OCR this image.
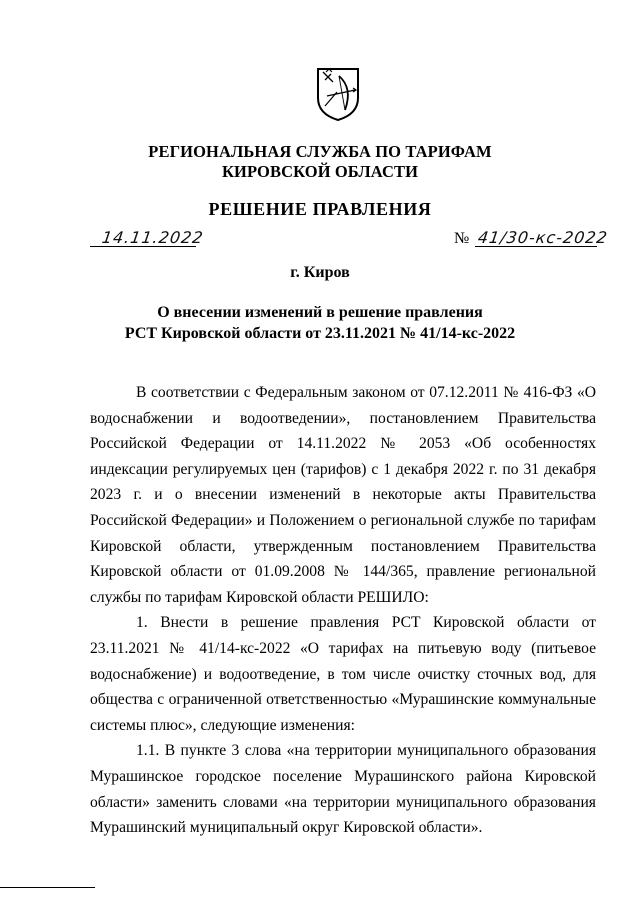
РЕГИОНАЛЬНАЯ СЛУЖБА ПО ТАРИФАМ
КИРОВСКОЙ ОБЛАСТИ
РЕШЕНИЕ ПРАВЛЕНИЯ
14.11.2022	№ 41/30-кс-2022
г. Киров
О внесении изменений в решение правления
РСТ Кировской области от 23.11.2021 № 41/14-кс-2022

В соответствии с Федеральным законом от 07.12.2011 № 416-ФЗ «О водоснабжении и водоотведении», постановлением Правительства Российской Федерации от 14.11.2022 № 2053 «Об особенностях индексации регулируемых цен (тарифов) с 1 декабря 2022 г. по 31 декабря 2023 г. и о внесении изменений в некоторые акты Правительства Российской Федерации» и Положением о региональной службе по тарифам Кировской области, утвержденным постановлением Правительства Кировской области от 01.09.2008 № 144/365, правление региональной службы по тарифам Кировской области РЕШИЛО:

1. Внести в решение правления РСТ Кировской области от 23.11.2021 № 41/14-кс-2022 «О тарифах на питьевую воду (питьевое водоснабжение) и водоотведение, в том числе очистку сточных вод, для общества с ограниченной ответственностью «Мурашинские коммунальные системы плюс», следующие изменения:

1.1. В пункте 3 слова «на территории муниципального образования Мурашинское городское поселение Мурашинского района Кировской области» заменить словами «на территории муниципального образования Мурашинский муниципальный округ Кировской области».
